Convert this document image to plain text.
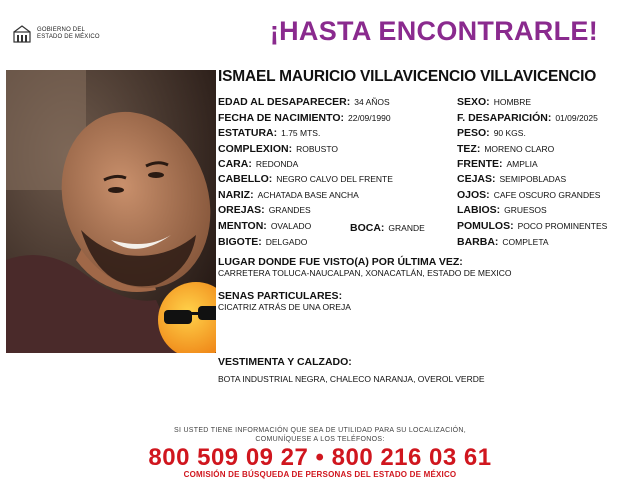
GOBIERNO DEL
ESTADO DE MÉXICO	¡HASTA ENCONTRARLE!
ISMAEL MAURICIO VILLAVICENCIO VILLAVICENCIO
EDAD AL DESAPARECER: 34 AÑOS
FECHA DE NACIMIENTO: 22/09/1990
ESTATURA: 1.75 MTS.
COMPLEXION: ROBUSTO
CARA: REDONDA
CABELLO: NEGRO CALVO DEL FRENTE
NARIZ: ACHATADA BASE ANCHA
OREJAS: GRANDES
MENTON: OVALADO	BOCA: GRANDE
BIGOTE: DELGADO
SEXO: HOMBRE
F. DESAPARICIÓN: 01/09/2025
PESO: 90 KGS.
TEZ: MORENO CLARO
FRENTE: AMPLIA
CEJAS: SEMIPOBLADAS
OJOS: CAFE OSCURO GRANDES
LABIOS: GRUESOS
POMULOS: POCO PROMINENTES
BARBA: COMPLETA
LUGAR DONDE FUE VISTO(A) POR ÚLTIMA VEZ:
CARRETERA TOLUCA-NAUCALPAN, XONACATLÁN, ESTADO DE MEXICO
SENAS PARTICULARES:
CICATRIZ ATRÁS DE UNA OREJA
VESTIMENTA Y CALZADO:
BOTA INDUSTRIAL NEGRA, CHALECO NARANJA, OVEROL VERDE
SI USTED TIENE INFORMACIÓN QUE SEA DE UTILIDAD PARA SU LOCALIZACIÓN,
COMUNÍQUESE A LOS TELÉFONOS:
800 509 09 27 • 800 216 03 61
COMISIÓN DE BÚSQUEDA DE PERSONAS DEL ESTADO DE MÉXICO
